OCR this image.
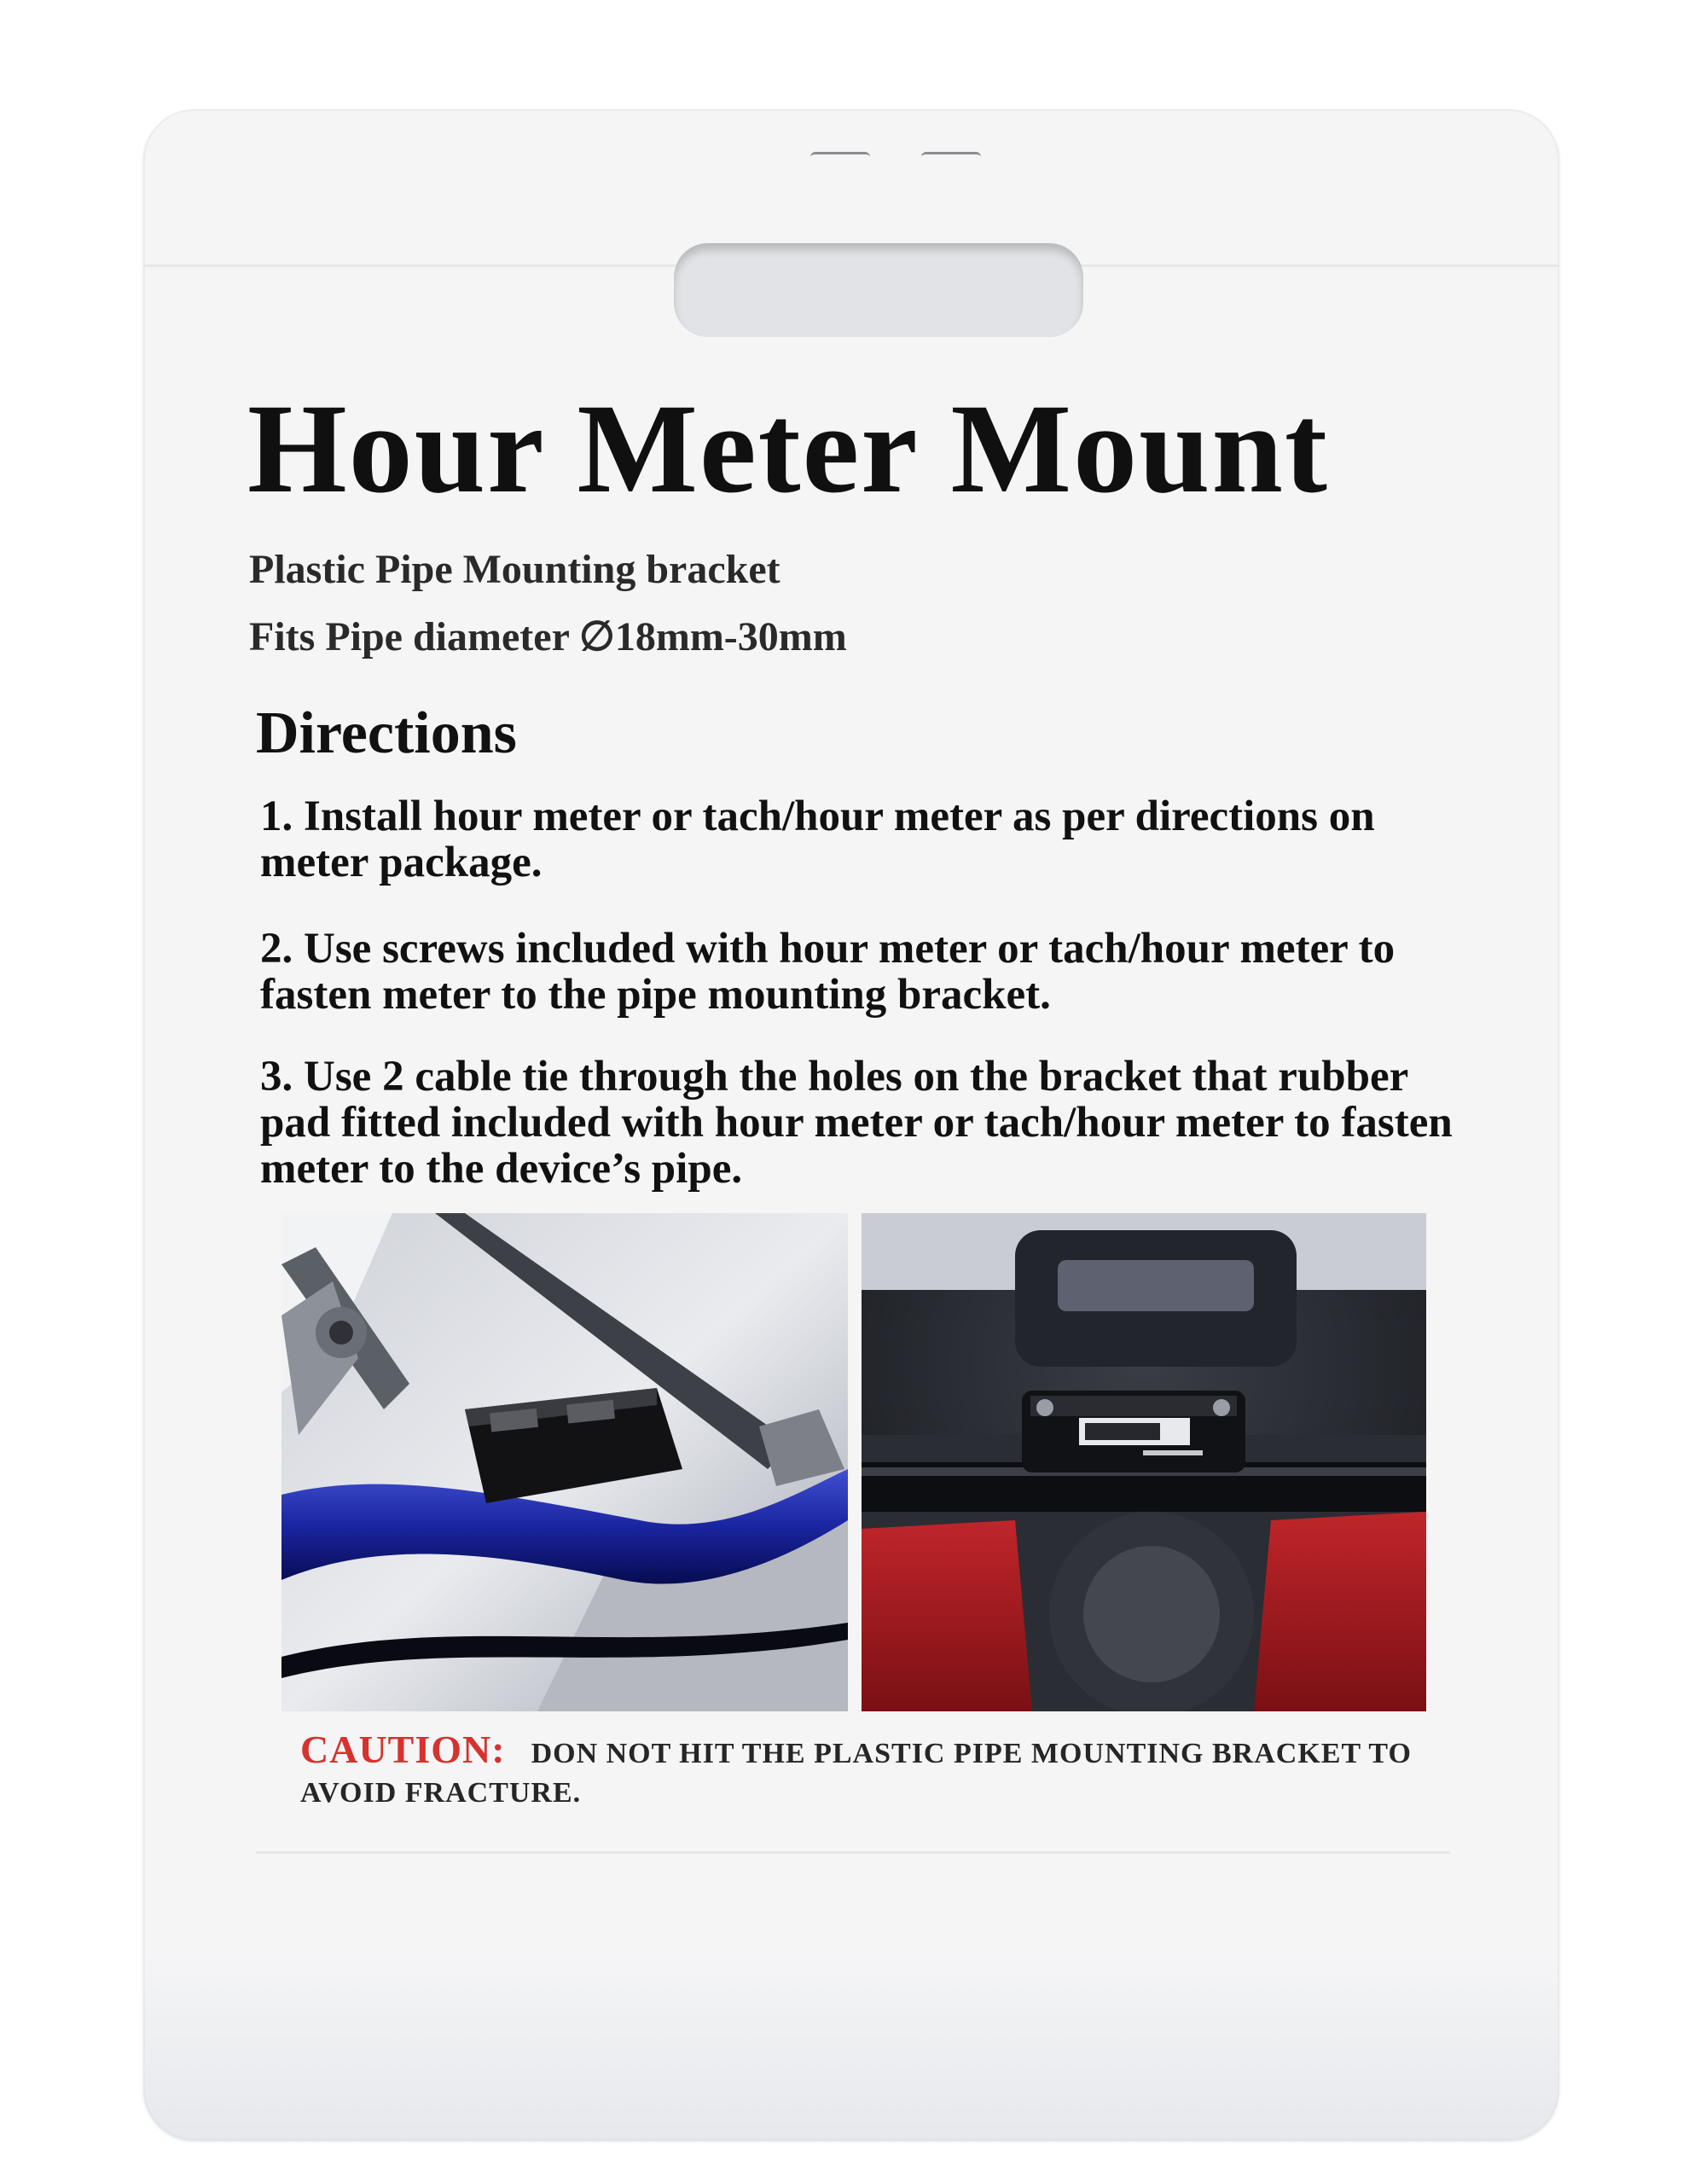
Hour Meter Mount

Plastic Pipe Mounting bracket

Fits Pipe diameter ∅18mm-30mm

Directions

1. Install hour meter or tach/hour meter as per directions on meter package.

2. Use screws included with hour meter or tach/hour meter to fasten meter to the pipe mounting bracket.

3. Use 2 cable tie through the holes on the bracket that rubber pad fitted included with hour meter or tach/hour meter to fasten meter to the device’s pipe.

CAUTION: DON NOT HIT THE PLASTIC PIPE MOUNTING BRACKET TO AVOID FRACTURE.
